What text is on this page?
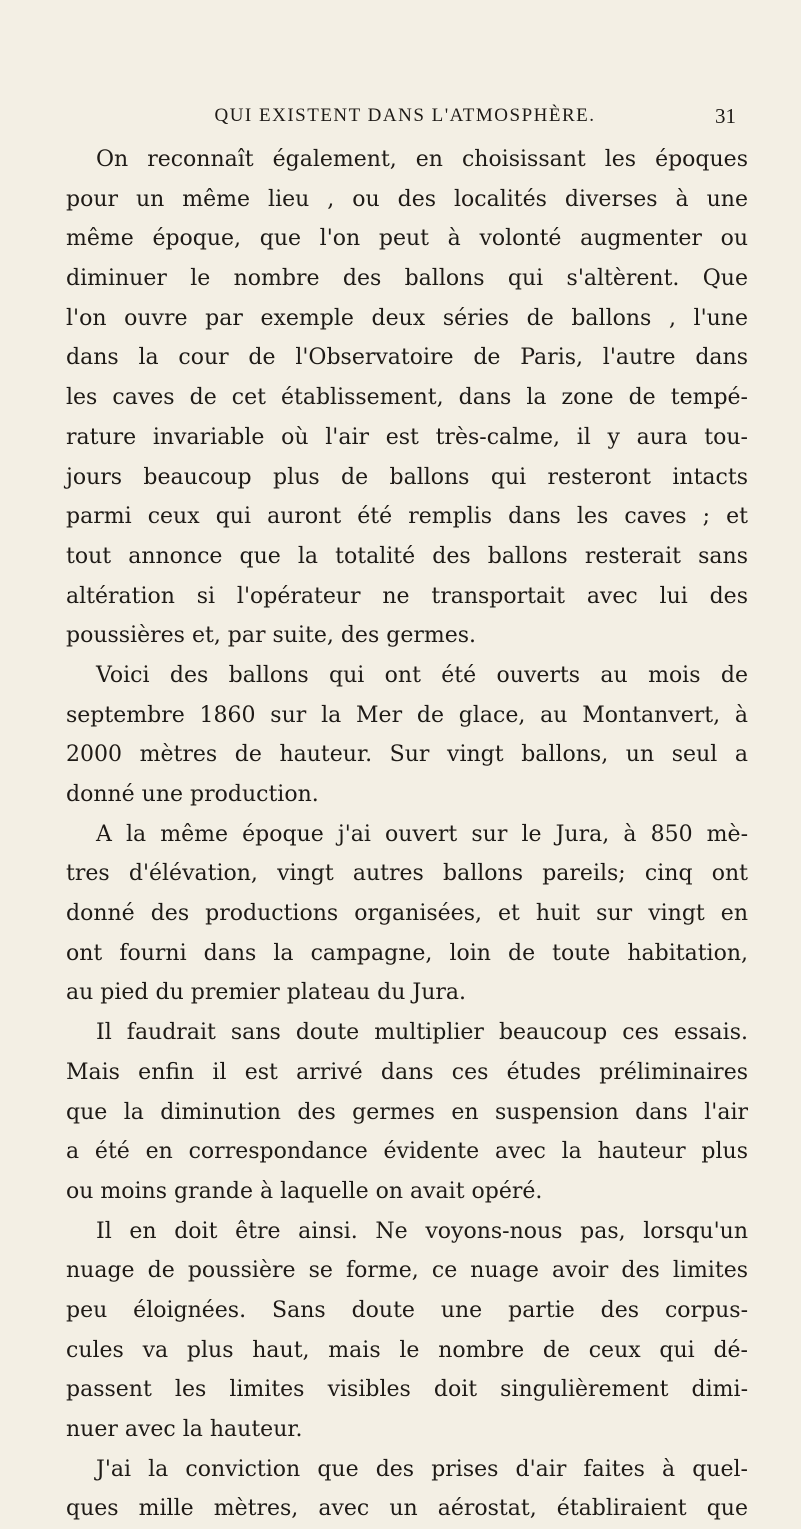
QUI EXISTENT DANS L'ATMOSPHÈRE.	31
On reconnaît également, en choisissant les époques
pour un même lieu , ou des localités diverses à une
même époque, que l'on peut à volonté augmenter ou
diminuer le nombre des ballons qui s'altèrent. Que
l'on ouvre par exemple deux séries de ballons , l'une
dans la cour de l'Observatoire de Paris, l'autre dans
les caves de cet établissement, dans la zone de tempé-
rature invariable où l'air est très-calme, il y aura tou-
jours beaucoup plus de ballons qui resteront intacts
parmi ceux qui auront été remplis dans les caves ; et
tout annonce que la totalité des ballons resterait sans
altération si l'opérateur ne transportait avec lui des
poussières et, par suite, des germes.
Voici des ballons qui ont été ouverts au mois de
septembre 1860 sur la Mer de glace, au Montanvert, à
2000 mètres de hauteur. Sur vingt ballons, un seul a
donné une production.
A la même époque j'ai ouvert sur le Jura, à 850 mè-
tres d'élévation, vingt autres ballons pareils; cinq ont
donné des productions organisées, et huit sur vingt en
ont fourni dans la campagne, loin de toute habitation,
au pied du premier plateau du Jura.
Il faudrait sans doute multiplier beaucoup ces essais.
Mais enfin il est arrivé dans ces études préliminaires
que la diminution des germes en suspension dans l'air
a été en correspondance évidente avec la hauteur plus
ou moins grande à laquelle on avait opéré.
Il en doit être ainsi. Ne voyons-nous pas, lorsqu'un
nuage de poussière se forme, ce nuage avoir des limites
peu éloignées. Sans doute une partie des corpus-
cules va plus haut, mais le nombre de ceux qui dé-
passent les limites visibles doit singulièrement dimi-
nuer avec la hauteur.
J'ai la conviction que des prises d'air faites à quel-
ques mille mètres, avec un aérostat, établiraient que
